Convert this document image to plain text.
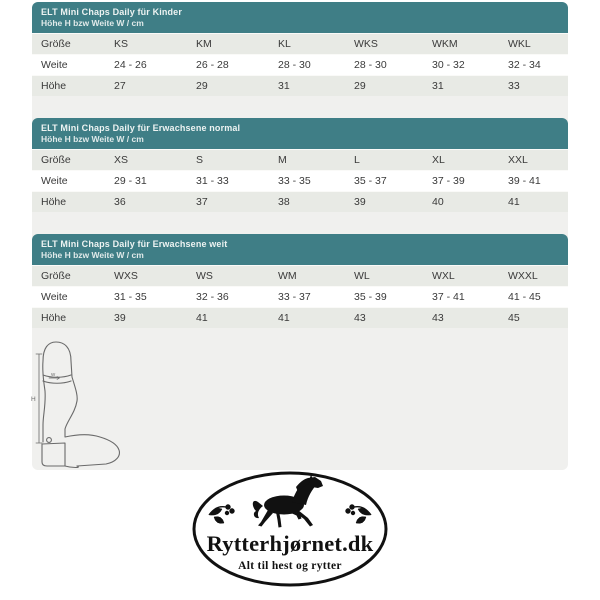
ELT Mini Chaps Daily für Kinder
Höhe H bzw Weite W / cm
Größe	KS	KM	KL	WKS	WKM	WKL
Weite	24 - 26	26 - 28	28 - 30	28 - 30	30 - 32	32 - 34
Höhe	27	29	31	29	31	33
ELT Mini Chaps Daily für Erwachsene normal
Höhe H bzw Weite W / cm
Größe	XS	S	M	L	XL	XXL
Weite	29 - 31	31 - 33	33 - 35	35 - 37	37 - 39	39 - 41
Höhe	36	37	38	39	40	41
ELT Mini Chaps Daily für Erwachsene weit
Höhe H bzw Weite W / cm
Größe	WXS	WS	WM	WL	WXL	WXXL
Weite	31 - 35	32 - 36	33 - 37	35 - 39	37 - 41	41 - 45
Höhe	39	41	41	43	43	45
H
W
Rytterhjørnet.dk
Alt til hest og rytter
